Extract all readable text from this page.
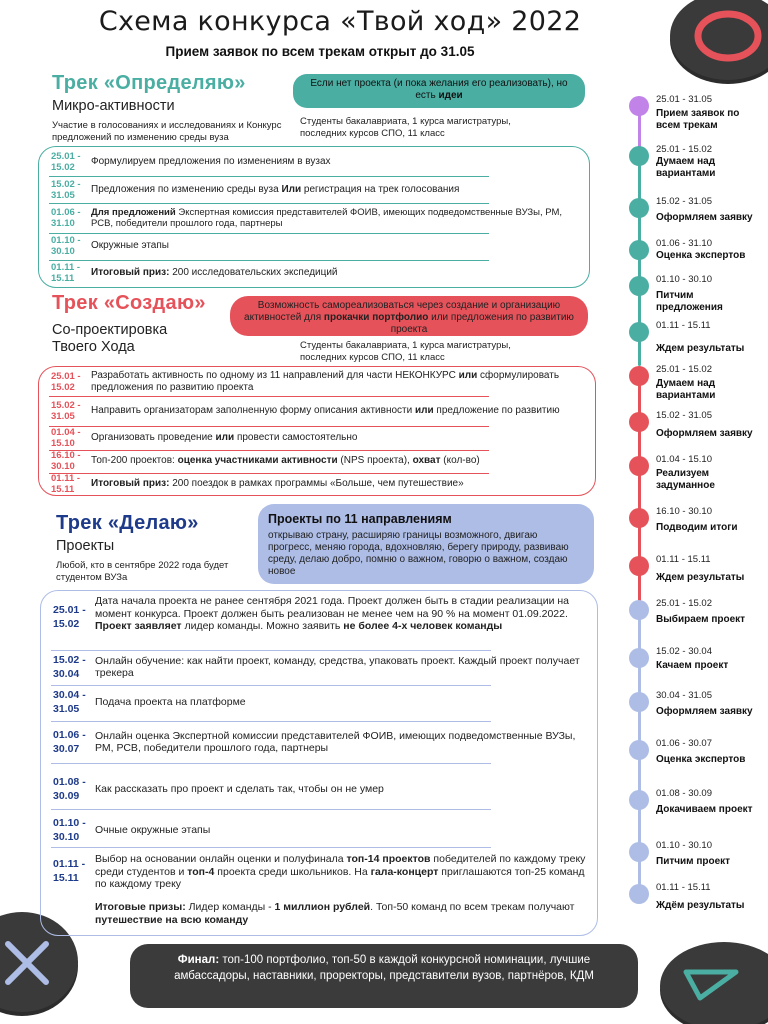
Схема конкурса «Твой ход» 2022
Прием заявок по всем трекам открыт до 31.05
Трек «Определяю»
Микро-активности
Участие в голосованиях и исследованиях и Конкурс предложений по изменению среды вуза
Если нет проекта (и пока желания его реализовать), но есть идеи
Студенты бакалавриата, 1 курса магистратуры, последних курсов СПО, 11 класс
25.01 - 15.02
Формулируем предложения по изменениям в вузах
15.02 - 31.05
Предложения по изменению среды вуза Или регистрация на трек голосования
01.06 - 31.10
Для предложений Экспертная комиссия представителей ФОИВ, имеющих подведомственные ВУЗы, РМ, РСВ, победители прошлого года, партнеры
01.10 - 30.10
Окружные этапы
01.11 - 15.11
Итоговый приз: 200 исследовательских экспедиций
Трек «Создаю»
Со-проектировка
Твоего Хода
Возможность самореализоваться через создание и организацию активностей для прокачки портфолио или предложения по развитию проекта
Студенты бакалавриата, 1 курса магистратуры, последних курсов СПО, 11 класс
25.01 - 15.02
Разработать активность по одному из 11 направлений для части НЕКОНКУРС или сформулировать предложения по развитию проекта
15.02 - 31.05
Направить организаторам заполненную форму описания активности или предложение по развитию
01.04 - 15.10
Организовать проведение или провести самостоятельно
16.10 - 30.10
Топ-200 проектов: оценка участниками активности (NPS проекта), охват (кол-во)
01.11 - 15.11
Итоговый приз: 200 поездок в рамках программы «Больше, чем путешествие»
Трек «Делаю»
Проекты
Любой, кто в сентябре 2022 года будет студентом ВУЗа
Проекты по 11 направлениям
открываю страну, расширяю границы возможного, двигаю прогресс, меняю города, вдохновляю, берегу природу, развиваю среду, делаю добро, помню о важном, говорю о важном, создаю новое
25.01 - 15.02
Дата начала проекта не ранее сентября 2021 года. Проект должен быть в стадии реализации на момент конкурса. Проект должен быть реализован не менее чем на 90 % на момент 01.09.2022. Проект заявляет лидер команды. Можно заявить не более 4-х человек команды
15.02 - 30.04
Онлайн обучение: как найти проект, команду, средства, упаковать проект. Каждый проект получает трекера
30.04 - 31.05
Подача проекта на платформе
01.06 - 30.07
Онлайн оценка Экспертной комиссии представителей ФОИВ, имеющих подведомственные ВУЗы, РМ, РСВ, победители прошлого года, партнеры
01.08 - 30.09
Как рассказать про проект и сделать так, чтобы он не умер
01.10 - 30.10
Очные окружные этапы
01.11 - 15.11
Выбор на основании онлайн оценки и полуфинала топ-14 проектов победителей по каждому треку среди студентов и топ-4 проекта среди школьников. На гала-концерт приглашаются топ-25 команд по каждому треку
Итоговые призы: Лидер команды - 1 миллион рублей. Топ-50 команд по всем трекам получают путешествие на всю команду
25.01 - 31.05
Прием заявок по всем трекам
25.01 - 15.02
Думаем над вариантами
15.02 - 31.05
Оформляем заявку
01.06 - 31.10
Оценка экспертов
01.10 - 30.10
Питчим предложения
01.11 - 15.11
Ждем результаты
25.01 - 15.02
Думаем над вариантами
15.02 - 31.05
Оформляем заявку
01.04 - 15.10
Реализуем задуманное
16.10 - 30.10
Подводим итоги
01.11 - 15.11
Ждем результаты
25.01 - 15.02
Выбираем проект
15.02 - 30.04
Качаем проект
30.04 - 31.05
Оформляем заявку
01.06 - 30.07
Оценка экспертов
01.08 - 30.09
Докачиваем проект
01.10 - 30.10
Питчим проект
01.11 - 15.11
Ждём результаты
Финал: топ-100 портфолио, топ-50 в каждой конкурсной номинации, лучшие амбассадоры, наставники, проректоры, представители вузов, партнёров, КДМ
